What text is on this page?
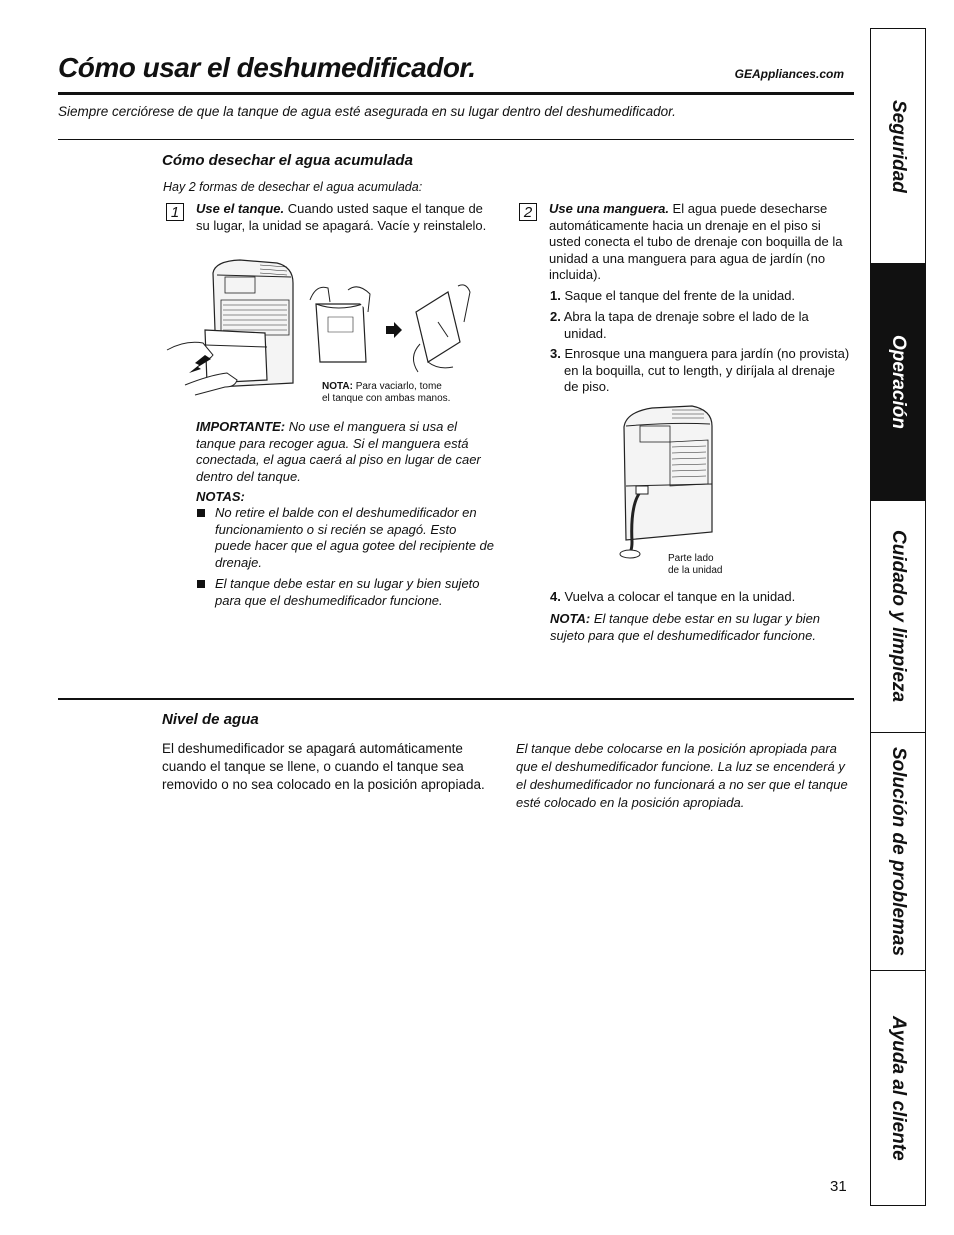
Cómo usar el deshumedificador.	GEAppliances.com
Siempre cerciórese de que la tanque de agua esté asegurada en su lugar dentro del deshumedificador.
Cómo desechar el agua acumulada
Hay 2 formas de desechar el agua acumulada:
1	Use el tanque. Cuando usted saque el tanque de su lugar, la unidad se apagará. Vacíe y reinstalelo.
NOTA: Para vaciarlo, tome
el tanque con ambas manos.
IMPORTANTE: No use el manguera si usa el tanque para recoger agua. Si el manguera está conectada, el agua caerá al piso en lugar de caer dentro del tanque.
NOTAS:
No retire el balde con el deshumedificador en funcionamiento o si recién se apagó. Esto puede hacer que el agua gotee del recipiente de drenaje.
El tanque debe estar en su lugar y bien sujeto para que el deshumedificador funcione.
2	Use una manguera. El agua puede desecharse automáticamente hacia un drenaje en el piso si usted conecta el tubo de drenaje con boquilla de la unidad a una manguera para agua de jardín (no incluida).
1. Saque el tanque del frente de la unidad.
2. Abra la tapa de drenaje sobre el lado de la unidad.
3. Enrosque una manguera para jardín (no provista) en la boquilla, cut to length, y diríjala al drenaje de piso.
Parte lado
de la unidad
4. Vuelva a colocar el tanque en la unidad.
NOTA: El tanque debe estar en su lugar y bien sujeto para que el deshumedificador funcione.
Nivel de agua
El deshumedificador se apagará automáticamente cuando el tanque se llene, o cuando el tanque sea removido o no sea colocado en la posición apropiada.
El tanque debe colocarse en la posición apropiada para que el deshumedificador funcione. La luz se encenderá y el deshumedificador no funcionará a no ser que el tanque esté colocado en la posición apropiada.
Seguridad
Operación
Cuidado y limpieza
Solución de problemas
Ayuda al cliente
31
